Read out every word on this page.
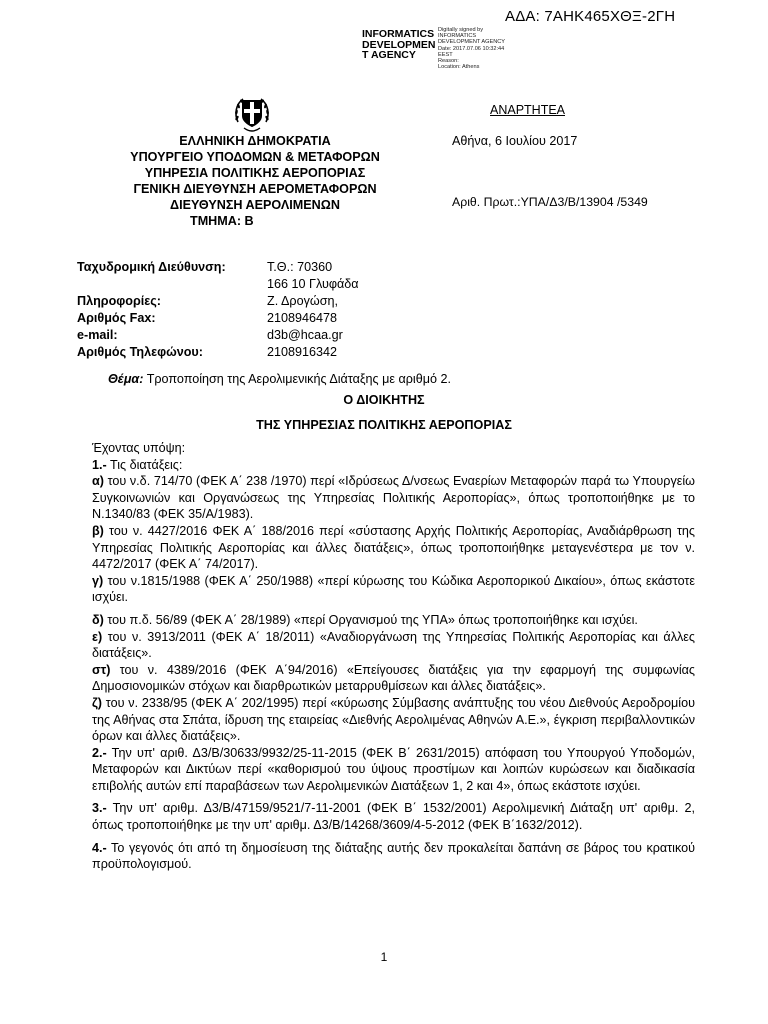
ΑΔΑ: 7ΑΗΚ465ΧΘΞ-2ΓΗ
INFORMATICS
DEVELOPMEN
T AGENCY
Digitally signed by
INFORMATICS
DEVELOPMENT AGENCY
Date: 2017.07.06 10:32:44
EEST
Reason:
Location: Athens
ΑΝΑΡΤΗΤΕΑ
ΕΛΛΗΝΙΚΗ ΔΗΜΟΚΡΑΤΙΑ
ΥΠΟΥΡΓΕΙΟ ΥΠΟΔΟΜΩΝ & ΜΕΤΑΦΟΡΩΝ
ΥΠΗΡΕΣΙΑ ΠΟΛΙΤΙΚΗΣ ΑΕΡΟΠΟΡΙΑΣ
ΓΕΝΙΚΗ ΔΙΕΥΘΥΝΣΗ ΑΕΡΟΜΕΤΑΦΟΡΩΝ
ΔΙΕΥΘΥΝΣΗ ΑΕΡΟΛΙΜΕΝΩΝ
ΤΜΗΜΑ: Β
Αθήνα, 6 Ιουλίου 2017
Αριθ. Πρωτ.:ΥΠΑ/Δ3/Β/13904 /5349
Ταχυδρομική Διεύθυνση:	Τ.Θ.: 70360
166 10 Γλυφάδα
Πληροφορίες:	Ζ. Δρογώση,
Αριθμός Fax:	2108946478
e-mail:	d3b@hcaa.gr
Αριθμός Τηλεφώνου:	2108916342
Θέμα: Τροποποίηση της Αερολιμενικής Διάταξης με αριθμό 2.
Ο ΔΙΟΙΚΗΤΗΣ
ΤΗΣ ΥΠΗΡΕΣΙΑΣ ΠΟΛΙΤΙΚΗΣ ΑΕΡΟΠΟΡΙΑΣ

Έχοντας υπόψη:

1.- Τις διατάξεις:

α) του ν.δ. 714/70 (ΦΕΚ Α΄ 238 /1970) περί «Ιδρύσεως Δ/νσεως Εναερίων Μεταφορών παρά τω Υπουργείω Συγκοινωνιών και Οργανώσεως της Υπηρεσίας Πολιτικής Αεροπορίας», όπως τροποποιήθηκε με το Ν.1340/83 (ΦΕΚ 35/Α/1983).

β) του ν. 4427/2016 ΦΕΚ Α΄ 188/2016 περί «σύστασης Αρχής Πολιτικής Αεροπορίας, Αναδιάρθρωση της Υπηρεσίας Πολιτικής Αεροπορίας και άλλες διατάξεις», όπως τροποποιήθηκε μεταγενέστερα με τον ν. 4472/2017 (ΦΕΚ Α΄ 74/2017).

γ) του ν.1815/1988 (ΦΕΚ Α΄ 250/1988) «περί κύρωσης του Κώδικα Αεροπορικού Δικαίου», όπως εκάστοτε ισχύει.

δ) του π.δ. 56/89 (ΦΕΚ Α΄ 28/1989) «περί Οργανισμού της ΥΠΑ» όπως τροποποιήθηκε και ισχύει.

ε) του ν. 3913/2011 (ΦΕΚ Α΄ 18/2011) «Αναδιοργάνωση της Υπηρεσίας Πολιτικής Αεροπορίας και άλλες διατάξεις».

στ) του ν. 4389/2016 (ΦΕΚ Α΄94/2016) «Επείγουσες διατάξεις για την εφαρμογή της συμφωνίας Δημοσιονομικών στόχων και διαρθρωτικών μεταρρυθμίσεων και άλλες διατάξεις».

ζ) του ν. 2338/95 (ΦΕΚ Α΄ 202/1995) περί «κύρωσης Σύμβασης ανάπτυξης του νέου Διεθνούς Αεροδρομίου της Αθήνας στα Σπάτα, ίδρυση της εταιρείας «Διεθνής Αερολιμένας Αθηνών Α.Ε.», έγκριση περιβαλλοντικών όρων και άλλες διατάξεις».

2.- Την υπ' αριθ. Δ3/Β/30633/9932/25-11-2015 (ΦΕΚ Β΄ 2631/2015) απόφαση του Υπουργού Υποδομών, Μεταφορών και Δικτύων περί «καθορισμού του ύψους προστίμων και λοιπών κυρώσεων και διαδικασία επιβολής αυτών επί παραβάσεων των Αερολιμενικών Διατάξεων 1, 2 και 4», όπως εκάστοτε ισχύει.

3.- Την υπ' αριθμ. Δ3/Β/47159/9521/7-11-2001 (ΦΕΚ Β΄ 1532/2001) Αερολιμενική Διάταξη υπ' αριθμ. 2, όπως τροποποιήθηκε με την υπ' αριθμ. Δ3/Β/14268/3609/4-5-2012 (ΦΕΚ Β΄1632/2012).

4.- Το γεγονός ότι από τη δημοσίευση της διάταξης αυτής δεν προκαλείται δαπάνη σε βάρος του κρατικού προϋπολογισμού.

1
